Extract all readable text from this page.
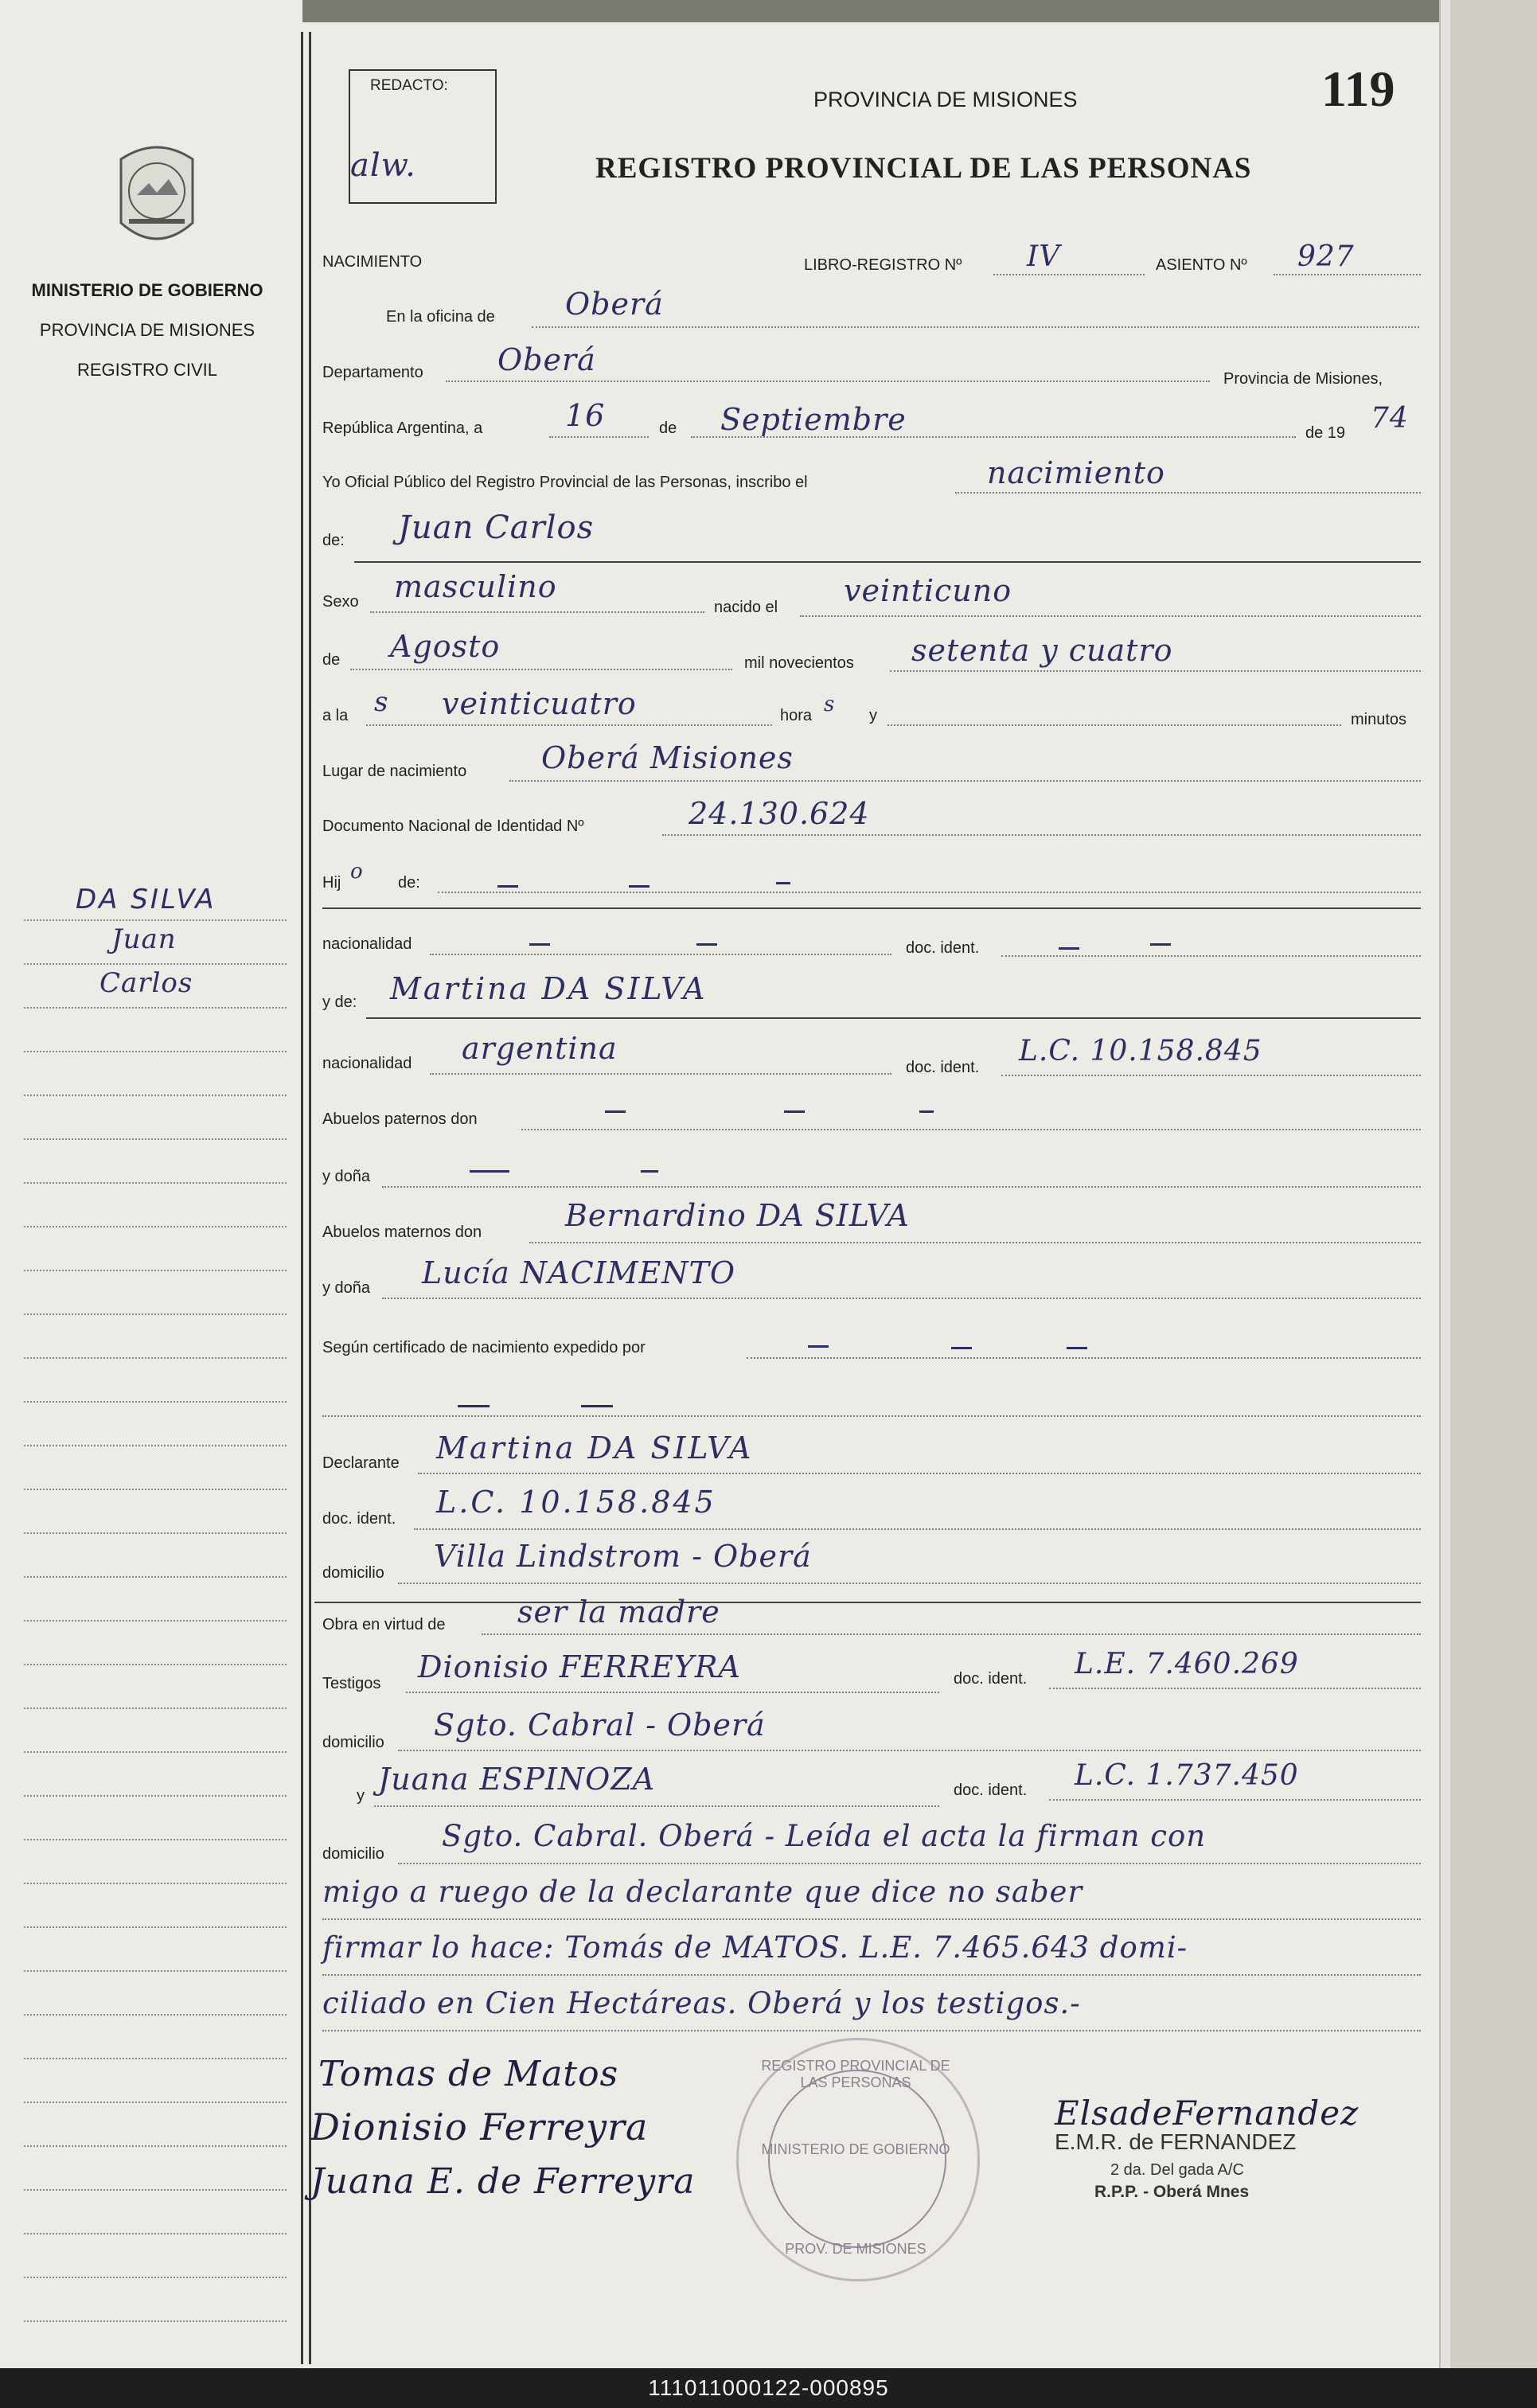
MINISTERIO DE GOBIERNO
PROVINCIA DE MISIONES
REGISTRO CIVIL
DA SILVA
Juan
Carlos
REDACTO:
alw.
PROVINCIA DE MISIONES
REGISTRO PROVINCIAL DE LAS PERSONAS
119
NACIMIENTO	LIBRO-REGISTRO Nº IV	ASIENTO Nº 927
En la oficina de Oberá
Departamento Oberá
Provincia de Misiones,
República Argentina, a	16	de Septiembre	de 19 74
Yo Oficial Público del Registro Provincial de las Personas, inscribo el	nacimiento
de: Juan Carlos
Sexo masculino
nacido el veinticuno
de Agosto	mil novecientos setenta y cuatro
a la s veinticuatro	hora s y	minutos
Lugar de nacimiento Oberá Misiones
Documento Nacional de Identidad Nº	24.130.624
Hij o de:
nacionalidad	doc. ident.
y de: Martina DA SILVA
nacionalidad argentina
doc. ident. L.C. 10.158.845
Abuelos paternos don
y doña
Abuelos maternos don	Bernardino DA SILVA
y doña Lucía NACIMENTO
Según certificado de nacimiento expedido por
Declarante Martina DA SILVA
doc. ident. L.C. 10.158.845
domicilio Villa Lindstrom - Oberá
Obra en virtud de ser la madre
Testigos Dionisio FERREYRA	doc. ident. L.E. 7.460.269
domicilio Sgto. Cabral - Oberá
y Juana ESPINOZA	doc. ident. L.C. 1.737.450
domicilio
Sgto. Cabral. Oberá - Leída el acta la firman con
migo a ruego de la declarante que dice no saber
firmar lo hace: Tomás de MATOS. L.E. 7.465.643 domi-
ciliado en Cien Hectáreas. Oberá y los testigos.-
REGISTRO PROVINCIAL DE LAS PERSONAS
MINISTERIO DE GOBIERNO
PROV. DE MISIONES
Tomas de Matos
Dionisio Ferreyra
Juana E. de Ferreyra
ElsadeFernandez
E.M.R. de FERNANDEZ
2 da. Del gada A/C
R.P.P. - Oberá Mnes
111011000122-000895
